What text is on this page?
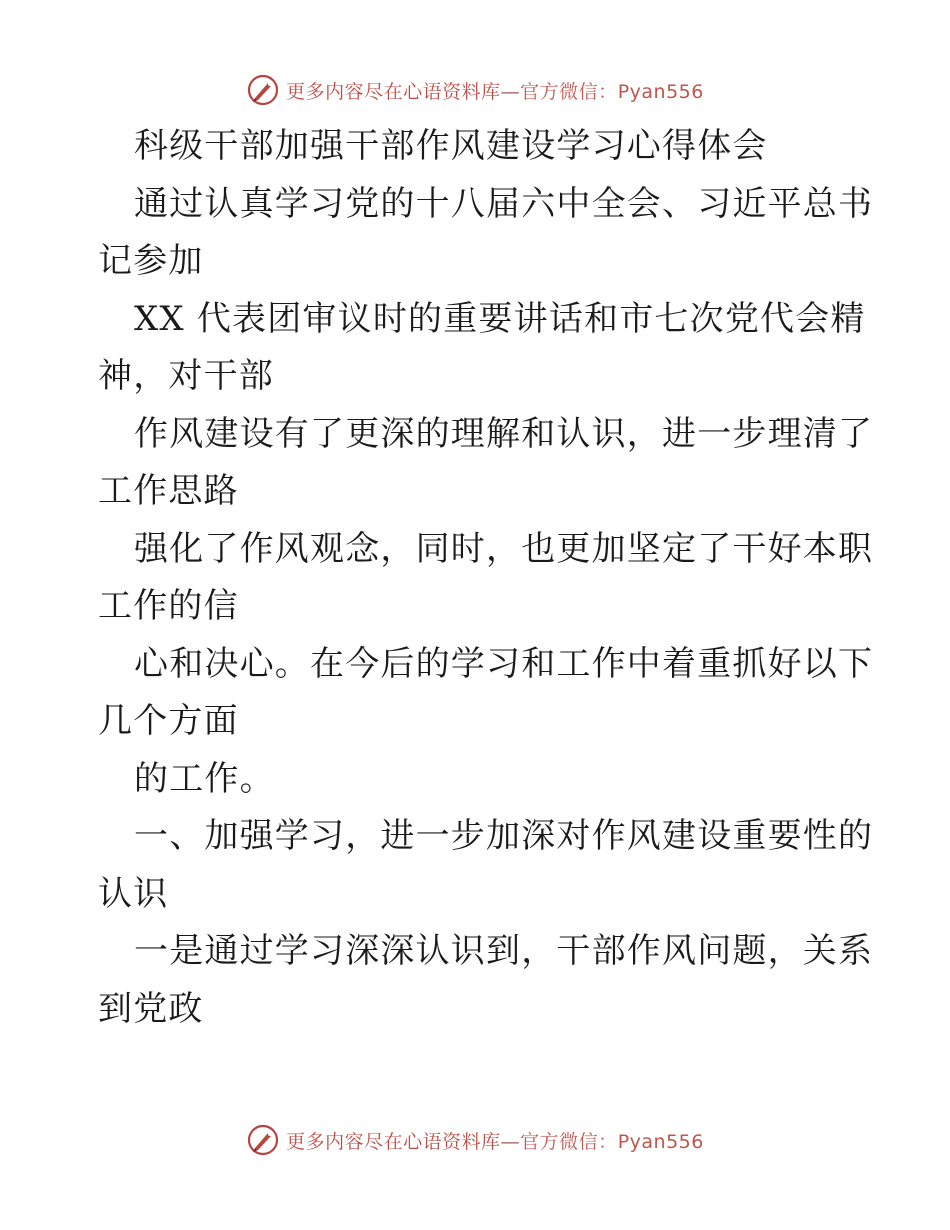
更多内容尽在心语资料库—官方微信：Pyan556
科级干部加强干部作风建设学习心得体会
通过认真学习党的十八届六中全会、习近平总书
记参加
XX 代表团审议时的重要讲话和市七次党代会精
神，对干部
作风建设有了更深的理解和认识，进一步理清了
工作思路
强化了作风观念，同时，也更加坚定了干好本职
工作的信
心和决心。在今后的学习和工作中着重抓好以下
几个方面
的工作。
一、加强学习，进一步加深对作风建设重要性的
认识
一是通过学习深深认识到，干部作风问题，关系
到党政
更多内容尽在心语资料库—官方微信：Pyan556
